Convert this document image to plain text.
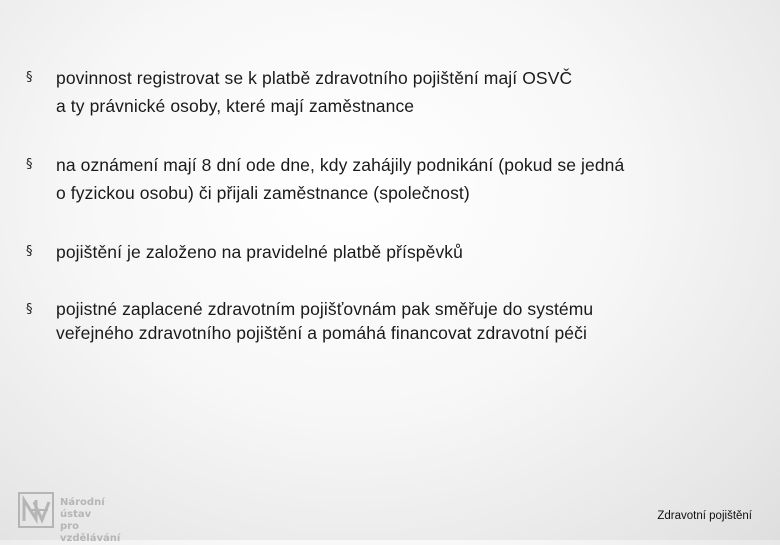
§ povinnost registrovat se k platbě zdravotního pojištění mají OSVČ
a ty právnické osoby, které mají zaměstnance
§ na oznámení mají 8 dní ode dne, kdy zahájily podnikání (pokud se jedná
o fyzickou osobu) či přijali zaměstnance (společnost)
§ pojištění je založeno na pravidelné platbě příspěvků
§ pojistné zaplacené zdravotním pojišťovnám pak směřuje do systému
veřejného zdravotního pojištění a pomáhá financovat zdravotní péči
Národní ústav
pro vzdělávání
Zdravotní pojištění
